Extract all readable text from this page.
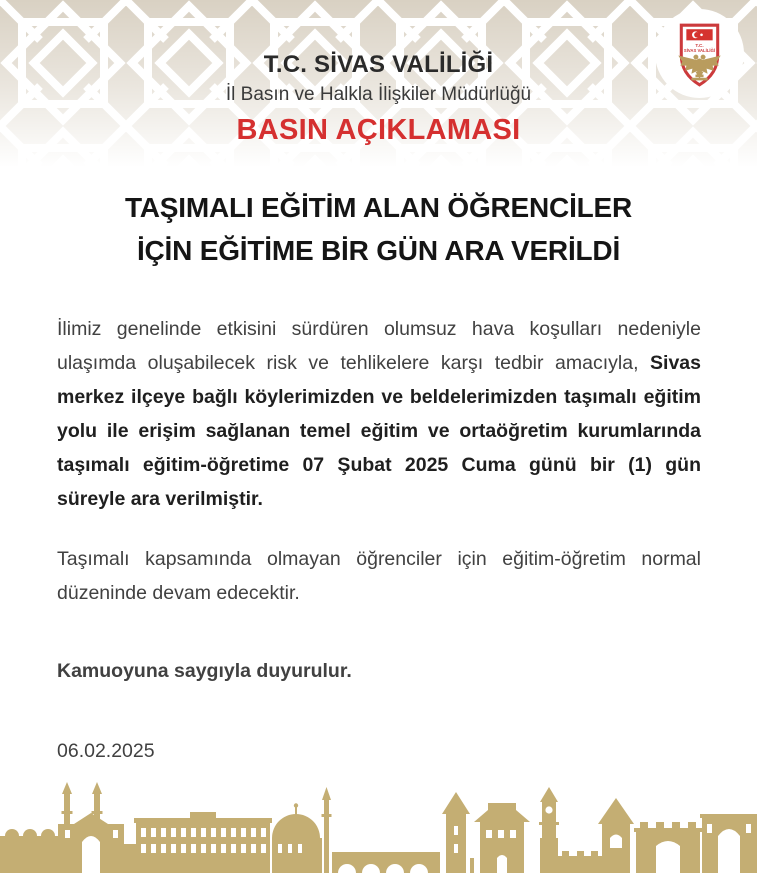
T.C.
SİVAS VALİLİĞİ
T.C. SİVAS VALİLİĞİ
İl Basın ve Halkla İlişkiler Müdürlüğü
BASIN AÇIKLAMASI
TAŞIMALI EĞİTİM ALAN ÖĞRENCİLER
İÇİN EĞİTİME BİR GÜN ARA VERİLDİ

İlimiz genelinde etkisini sürdüren olumsuz hava koşulları nedeniyle ulaşımda oluşabilecek risk ve tehlikelere karşı tedbir amacıyla, Sivas merkez ilçeye bağlı köylerimizden ve beldelerimizden taşımalı eğitim yolu ile erişim sağlanan temel eğitim ve ortaöğretim kurumlarında taşımalı eğitim-öğretime 07 Şubat 2025 Cuma günü bir (1) gün süreyle ara verilmiştir.

Taşımalı kapsamında olmayan öğrenciler için eğitim-öğretim normal düzeninde devam edecektir.

Kamuoyuna saygıyla duyurulur.

06.02.2025
